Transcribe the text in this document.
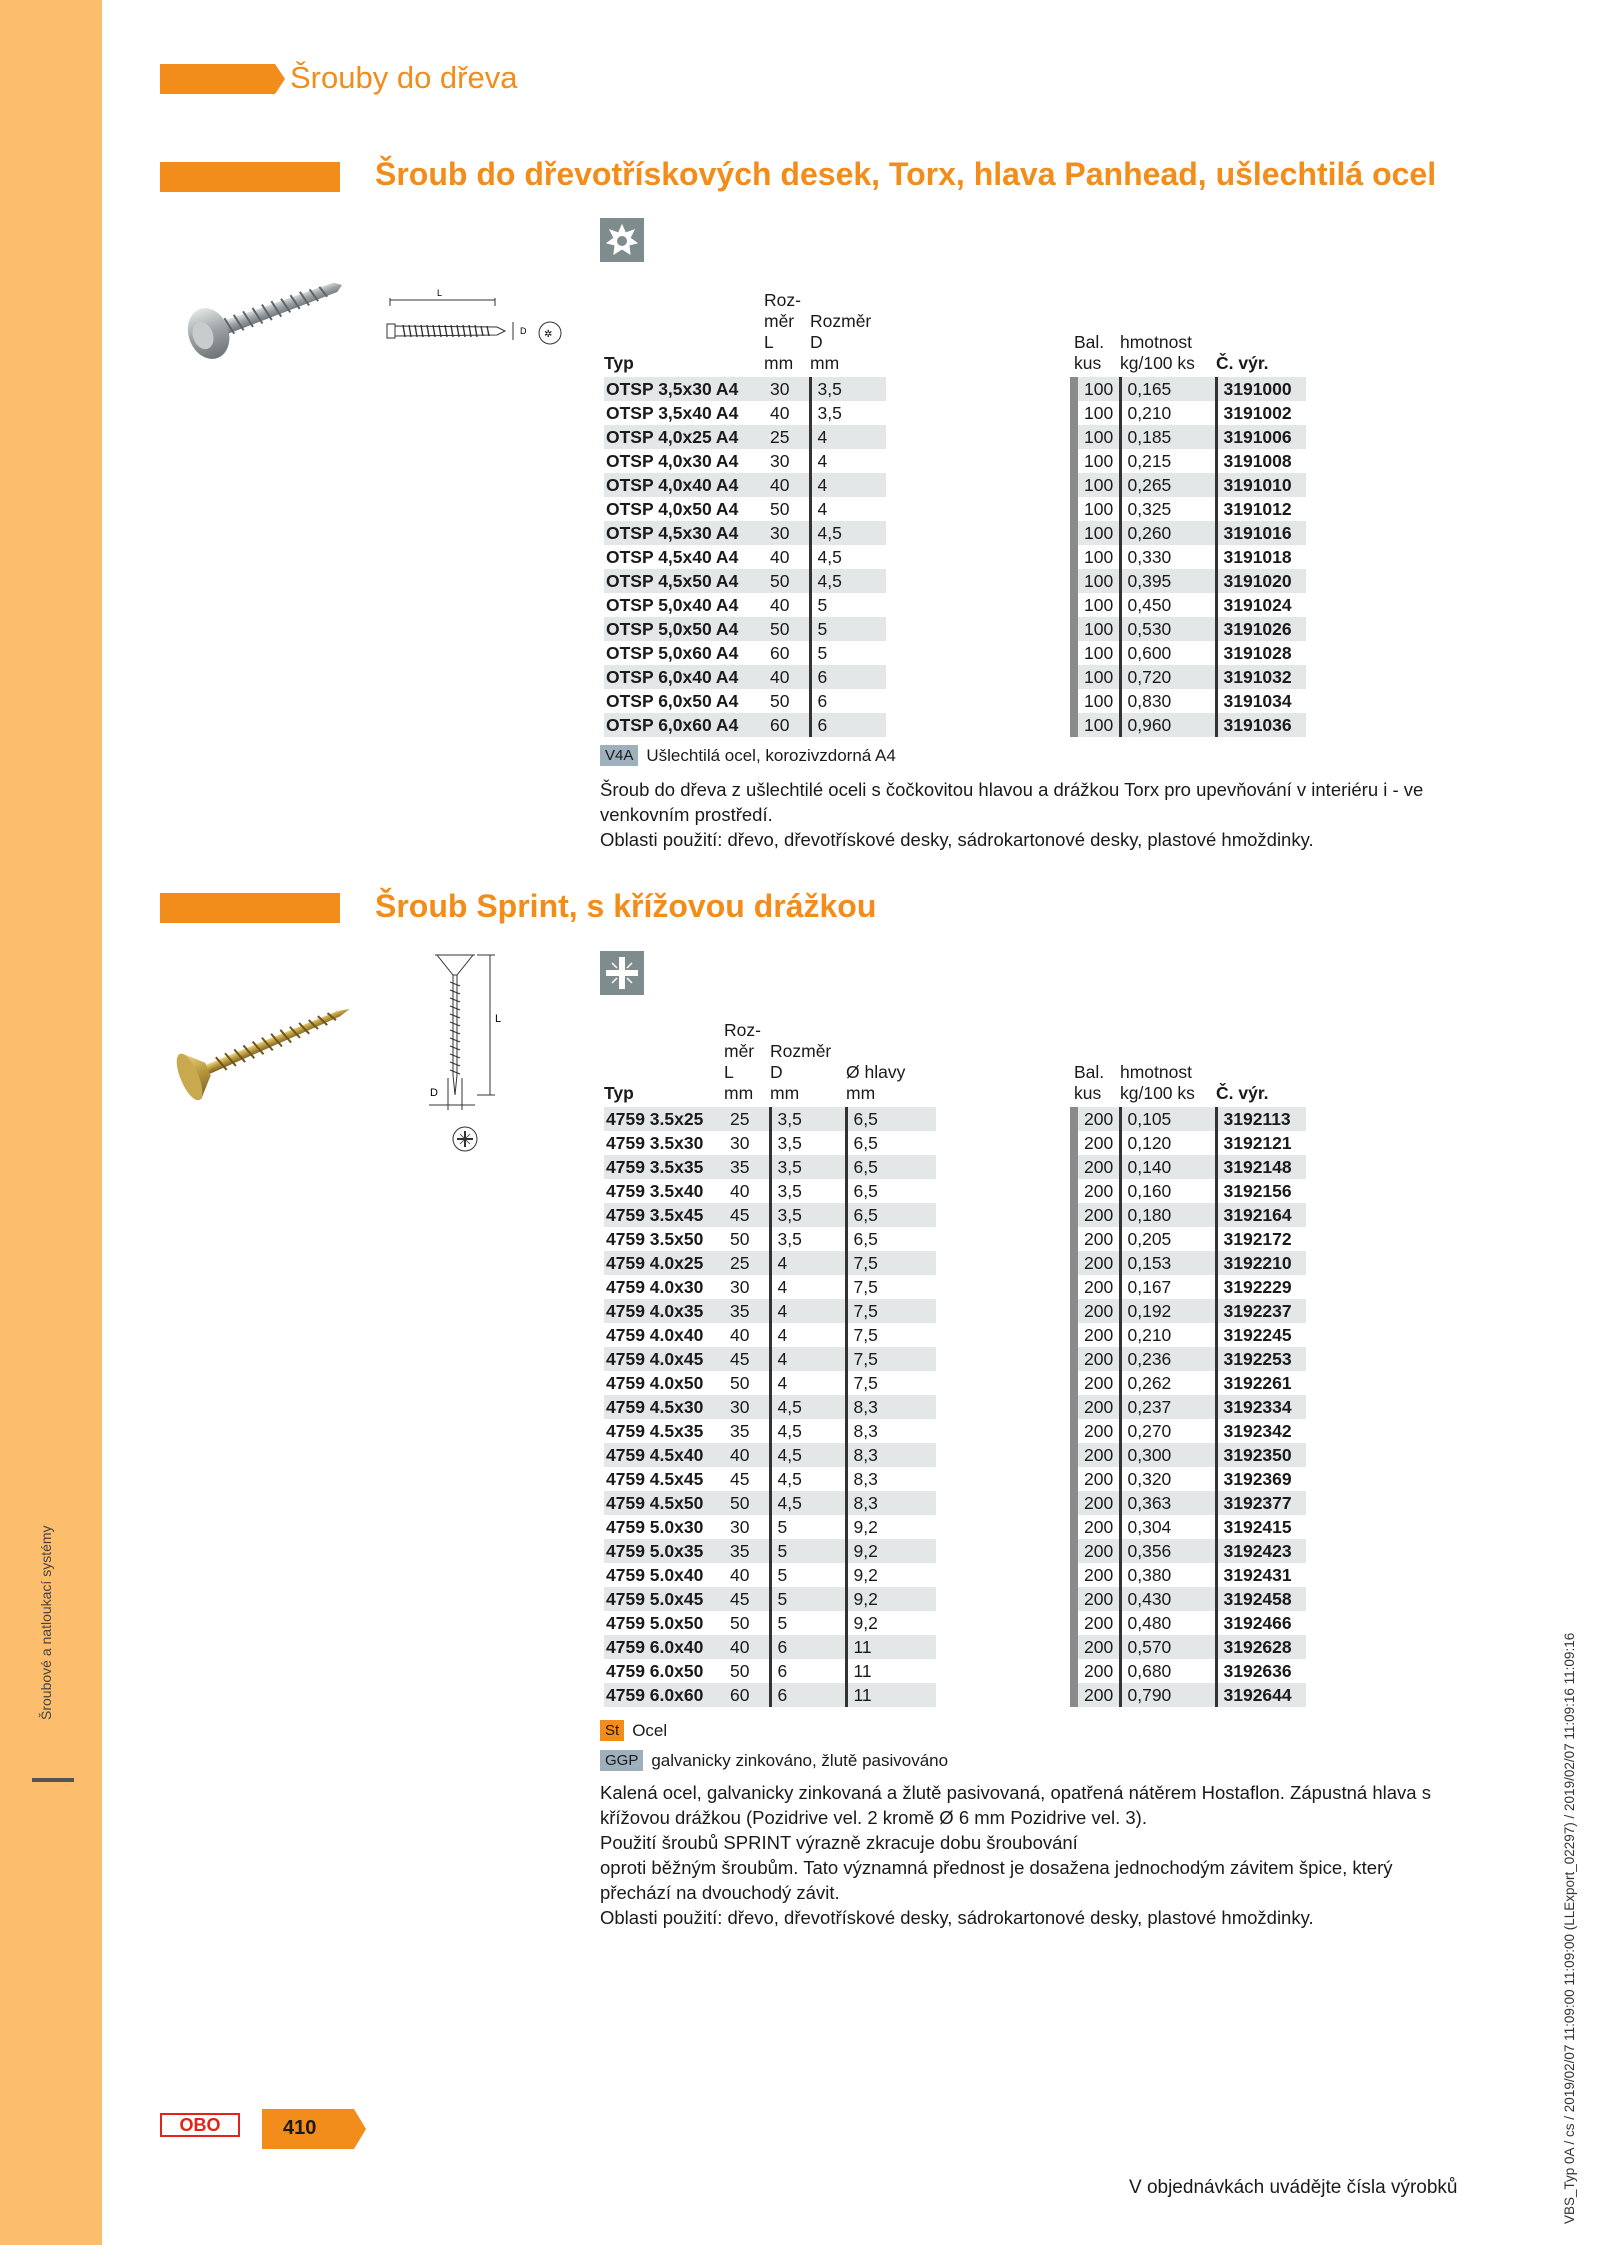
Šroubové a natloukací systémy
Šrouby do dřeva
Šroub do dřevotřískových desek, Torx, hlava Panhead, ušlechtilá ocel
L
D ✲
Typ	Roz-
měr
L
mm	Rozměr
D
mm		Bal.
kus	hmotnost
kg/100 ks	Č. výr.
OTSP 3,5x30 A4	30	3,5		100	0,165	3191000
OTSP 3,5x40 A4	40	3,5		100	0,210	3191002
OTSP 4,0x25 A4	25	4		100	0,185	3191006
OTSP 4,0x30 A4	30	4		100	0,215	3191008
OTSP 4,0x40 A4	40	4		100	0,265	3191010
OTSP 4,0x50 A4	50	4		100	0,325	3191012
OTSP 4,5x30 A4	30	4,5		100	0,260	3191016
OTSP 4,5x40 A4	40	4,5		100	0,330	3191018
OTSP 4,5x50 A4	50	4,5		100	0,395	3191020
OTSP 5,0x40 A4	40	5		100	0,450	3191024
OTSP 5,0x50 A4	50	5		100	0,530	3191026
OTSP 5,0x60 A4	60	5		100	0,600	3191028
OTSP 6,0x40 A4	40	6		100	0,720	3191032
OTSP 6,0x50 A4	50	6		100	0,830	3191034
OTSP 6,0x60 A4	60	6		100	0,960	3191036
V4A Ušlechtilá ocel, korozivzdorná A4

Šroub do dřeva z ušlechtilé oceli s čočkovitou hlavou a drážkou Torx pro upevňování v interiéru i - ve venkovním prostředí.

Oblasti použití: dřevo, dřevotřískové desky, sádrokartonové desky, plastové hmoždinky.

Šroub Sprint, s křížovou drážkou
L
D	Typ	Roz-
měr
L
mm	Rozměr
D
mm	Ø hlavy
mm		Bal.
kus	hmotnost
kg/100 ks	Č. výr.
4759 3.5x25	25	3,5	6,5		200	0,105	3192113
4759 3.5x30	30	3,5	6,5		200	0,120	3192121
4759 3.5x35	35	3,5	6,5		200	0,140	3192148
4759 3.5x40	40	3,5	6,5		200	0,160	3192156
4759 3.5x45	45	3,5	6,5		200	0,180	3192164
4759 3.5x50	50	3,5	6,5		200	0,205	3192172
4759 4.0x25	25	4	7,5		200	0,153	3192210
4759 4.0x30	30	4	7,5		200	0,167	3192229
4759 4.0x35	35	4	7,5		200	0,192	3192237
4759 4.0x40	40	4	7,5		200	0,210	3192245
4759 4.0x45	45	4	7,5		200	0,236	3192253
4759 4.0x50	50	4	7,5		200	0,262	3192261
4759 4.5x30	30	4,5	8,3		200	0,237	3192334
4759 4.5x35	35	4,5	8,3		200	0,270	3192342
4759 4.5x40	40	4,5	8,3		200	0,300	3192350
4759 4.5x45	45	4,5	8,3		200	0,320	3192369
4759 4.5x50	50	4,5	8,3		200	0,363	3192377
4759 5.0x30	30	5	9,2		200	0,304	3192415
4759 5.0x35	35	5	9,2		200	0,356	3192423
4759 5.0x40	40	5	9,2		200	0,380	3192431
4759 5.0x45	45	5	9,2		200	0,430	3192458
4759 5.0x50	50	5	9,2		200	0,480	3192466
4759 6.0x40	40	6	11		200	0,570	3192628
4759 6.0x50	50	6	11		200	0,680	3192636
4759 6.0x60	60	6	11		200	0,790	3192644
St Ocel
GGP galvanicky zinkováno, žlutě pasivováno

Kalená ocel, galvanicky zinkovaná a žlutě pasivovaná, opatřená nátěrem Hostaflon. Zápustná hlava s křížovou drážkou (Pozidrive vel. 2 kromě Ø 6 mm Pozidrive vel. 3).

Použití šroubů SPRINT výrazně zkracuje dobu šroubování

oproti běžným šroubům. Tato významná přednost je dosažena jednochodým závitem špice, který přechází na dvouchodý závit.

Oblasti použití: dřevo, dřevotřískové desky, sádrokartonové desky, plastové hmoždinky.

OBO	410
V objednávkách uvádějte čísla výrobků	VBS_Typ 0A / cs / 2019/02/07 11:09:00 11:09:00 (LLExport_02297) / 2019/02/07 11:09:16 11:09:16
